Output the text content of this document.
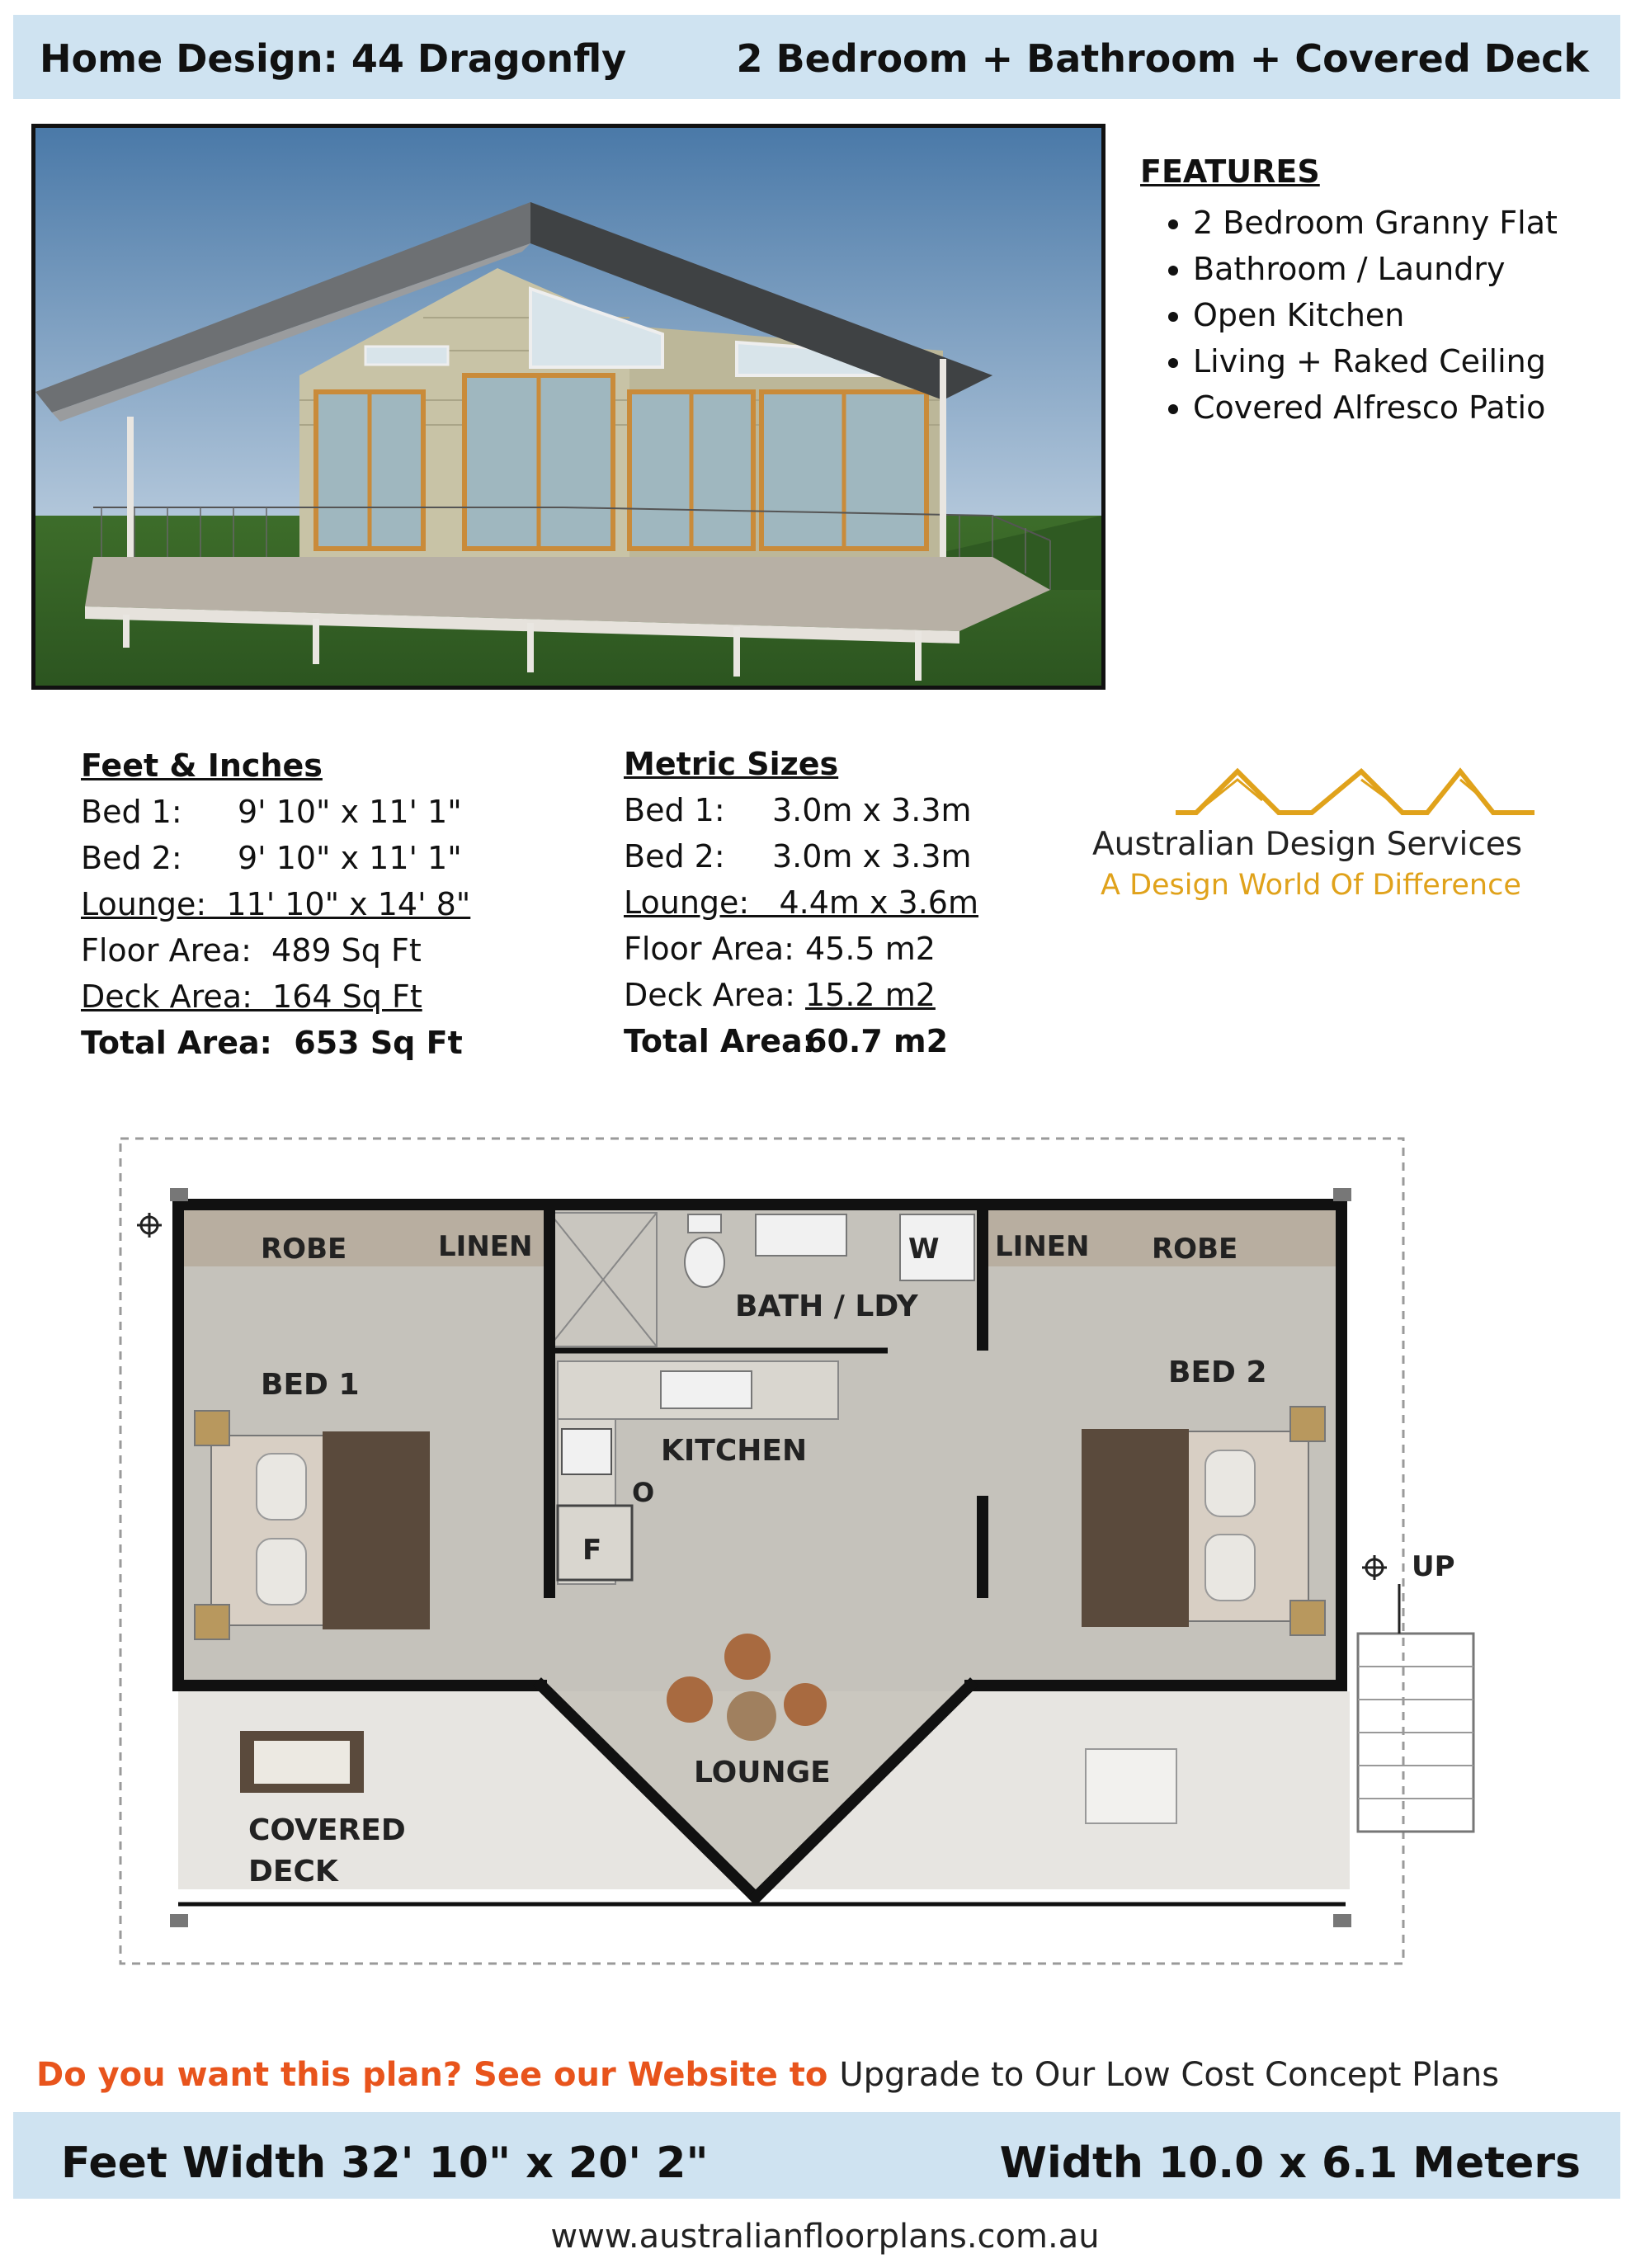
Home Design: 44 Dragonfly	2 Bedroom + Bathroom + Covered Deck
FEATURES
• 2 Bedroom Granny Flat
• Bathroom / Laundry
• Open Kitchen
• Living + Raked Ceiling
• Covered Alfresco Patio
Feet & Inches
Bed 1: 9' 10" x 11' 1"
Bed 2: 9' 10" x 11' 1"
Lounge:  11' 10" x 14' 8"
Floor Area:  489 Sq Ft
Deck Area:  164 Sq Ft
Total Area:  653 Sq Ft
Metric Sizes
Bed 1: 3.0m x 3.3m
Bed 2: 3.0m x 3.3m
Lounge:   4.4m x 3.6m
Floor Area: 45.5 m2
Deck Area: 15.2 m2
Total Area:60.7 m2
Australian Design Services
A Design World Of Difference
ROBE	LINEN
BATH / LDY
W LINEN ROBE
BED 1	BED 2
KITCHEN
F
O
UP
LOUNGE
COVERED
DECK
Do you want this plan? See our Website to Upgrade to Our Low Cost Concept Plans
Feet Width 32' 10" x 20' 2"	Width 10.0 x 6.1 Meters
www.australianfloorplans.com.au
